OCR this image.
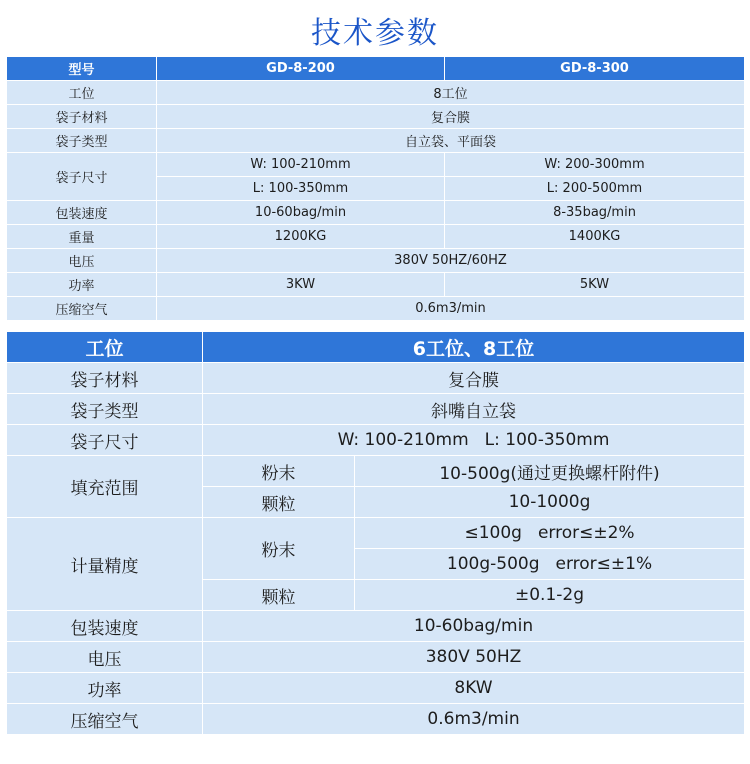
技术参数
型号	GD-8-200	GD-8-300
工位	8工位	
袋子材料	复合膜	
袋子类型	自立袋、平面袋	
袋子尺寸	W: 100-210mm	W: 200-300mm
	L: 100-350mm	L: 200-500mm
包装速度	10-60bag/min	8-35bag/min
重量	1200KG	1400KG
电压	380V 50HZ/60HZ	
功率	3KW	5KW
压缩空气	0.6m3/min	
工位	6工位、8工位	
袋子材料	复合膜	
袋子类型	斜嘴自立袋	
袋子尺寸	W: 100-210mm L: 100-350mm	
填充范围	粉末	10-500g(通过更换螺杆附件)
	颗粒	10-1000g
计量精度	粉末	≤100g error≤±2%
		100g-500g error≤±1%
	颗粒	±0.1-2g
包装速度	10-60bag/min	
电压	380V 50HZ	
功率	8KW	
压缩空气	0.6m3/min	
